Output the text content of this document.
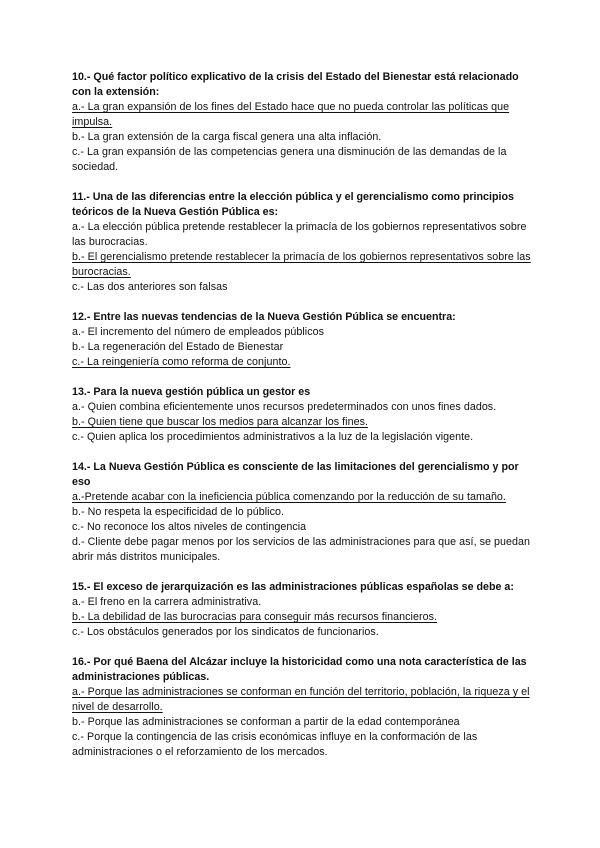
10.- Qué factor político explicativo de la crisis del Estado del Bienestar está relacionado con la extensión:

a.- La gran expansión de los fines del Estado hace que no pueda controlar las políticas que impulsa.

b.- La gran extensión de la carga fiscal genera una alta inflación.

c.- La gran expansión de las competencias genera una disminución de las demandas de la sociedad.

11.- Una de las diferencias entre la elección pública y el gerencialismo como principios teóricos de la Nueva Gestión Pública es:

a.- La elección pública pretende restablecer la primacía de los gobiernos representativos sobre las burocracias.

b.- El gerencialismo pretende restablecer la primacía de los gobiernos representativos sobre las burocracias.

c.- Las dos anteriores son falsas

12.- Entre las nuevas tendencias de la Nueva Gestión Pública se encuentra:

a.- El incremento del número de empleados públicos

b.- La regeneración del Estado de Bienestar

c.- La reingeniería como reforma de conjunto.

13.- Para la nueva gestión pública un gestor es

a.- Quien combina eficientemente unos recursos predeterminados con unos fines dados.

b.- Quien tiene que buscar los medios para alcanzar los fines.

c.- Quien aplica los procedimientos administrativos a la luz de la legislación vigente.

14.- La Nueva Gestión Pública es consciente de las limitaciones del gerencialismo y por eso

a.-Pretende acabar con la ineficiencia pública comenzando por la reducción de su tamaño.

b.- No respeta la especificidad de lo público.

c.- No reconoce los altos niveles de contingencia

d.- Cliente debe pagar menos por los servicios de las administraciones para que así, se puedan abrir más distritos municipales.

15.- El exceso de jerarquización es las administraciones públicas españolas se debe a:

a.- El freno en la carrera administrativa.

b.- La debilidad de las burocracias para conseguir más recursos financieros.

c.- Los obstáculos generados por los sindicatos de funcionarios.

16.- Por qué Baena del Alcázar incluye la historicidad como una nota característica de las administraciones públicas.

a.- Porque las administraciones se conforman en función del territorio, población, la riqueza y el nivel de desarrollo.

b.- Porque las administraciones se conforman a partir de la edad contemporánea

c.- Porque la contingencia de las crisis económicas influye en la conformación de las administraciones o el reforzamiento de los mercados.
